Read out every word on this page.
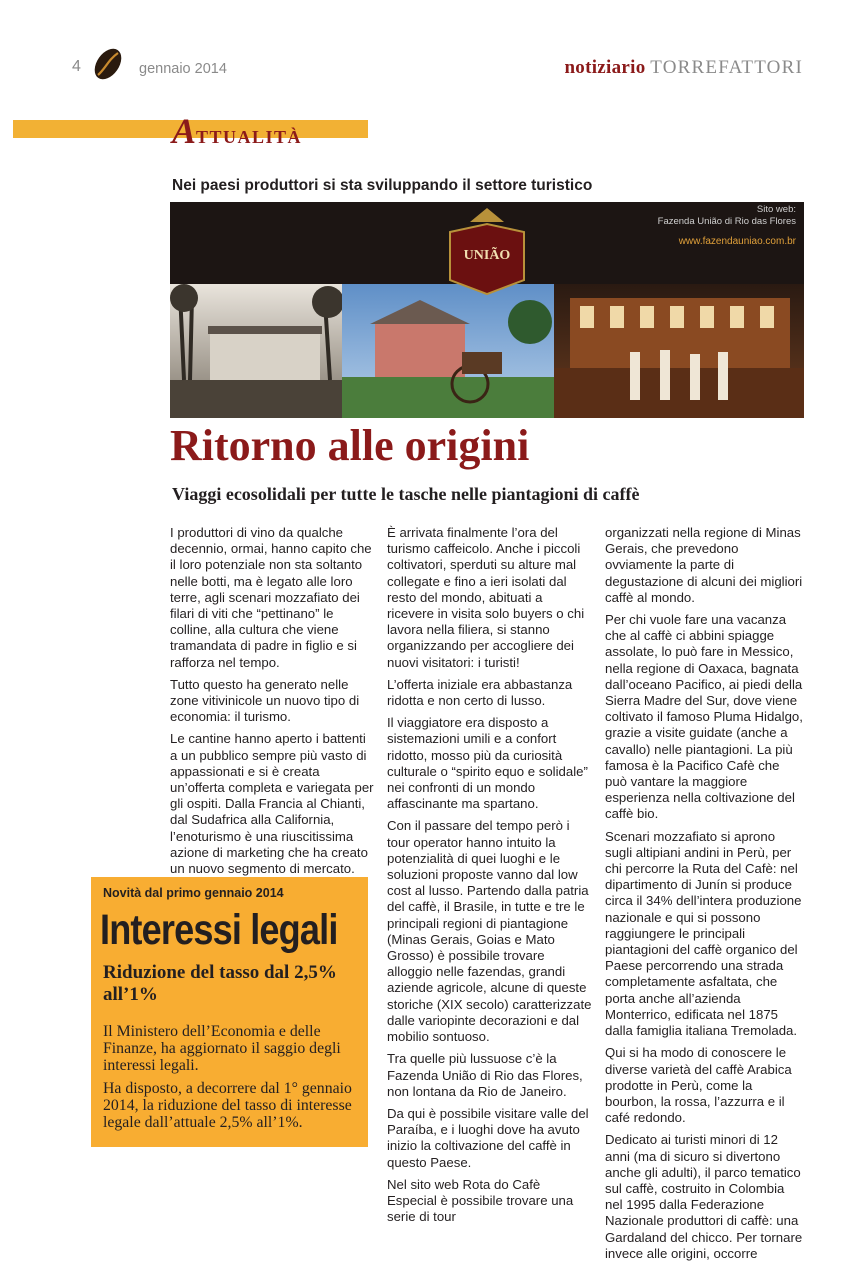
4	gennaio 2014	notiziario TORREFATTORI
ATTUALITÀ
Nei paesi produttori si sta sviluppando il settore turistico
UNIÃO
Sito web:
Fazenda União di Rio das Flores
www.fazendauniao.com.br
Ritorno alle origini
Viaggi ecosolidali per tutte le tasche nelle piantagioni di caffè

I produttori di vino da qualche decennio, ormai, hanno capito che il loro potenziale non sta soltanto nelle botti, ma è legato alle loro terre, agli scenari mozzafiato dei filari di viti che “pettinano” le colline, alla cultura che viene tramandata di padre in figlio e si rafforza nel tempo.

Tutto questo ha generato nelle zone vitivinicole un nuovo tipo di economia: il turismo.

Le cantine hanno aperto i battenti a un pubblico sempre più vasto di appassionati e si è creata un’offerta completa e variegata per gli ospiti. Dalla Francia al Chianti, dal Sudafrica alla California, l’enoturismo è una riuscitissima azione di marketing che ha creato un nuovo segmento di mercato.

È arrivata finalmente l’ora del turismo caffeicolo. Anche i piccoli coltivatori, sperduti su alture mal collegate e fino a ieri isolati dal resto del mondo, abituati a ricevere in visita solo buyers o chi lavora nella filiera, si stanno organizzando per accogliere dei nuovi visitatori: i turisti!

L’offerta iniziale era abbastanza ridotta e non certo di lusso.

Il viaggiatore era disposto a sistemazioni umili e a confort ridotto, mosso più da curiosità culturale o “spirito equo e solidale” nei confronti di un mondo affascinante ma spartano.

Con il passare del tempo però i tour operator hanno intuito la potenzialità di quei luoghi e le soluzioni proposte vanno dal low cost al lusso. Partendo dalla patria del caffè, il Brasile, in tutte e tre le principali regioni di piantagione (Minas Gerais, Goias e Mato Grosso) è possibile trovare alloggio nelle fazendas, grandi aziende agricole, alcune di queste storiche (XIX secolo) caratterizzate dalle variopinte decorazioni e dal mobilio sontuoso.

Tra quelle più lussuose c’è la Fazenda União di Rio das Flores, non lontana da Rio de Janeiro.

Da qui è possibile visitare valle del Paraíba, e i luoghi dove ha avuto inizio la coltivazione del caffè in questo Paese.

Nel sito web Rota do Cafè Especial è possibile trovare una serie di tour

organizzati nella regione di Minas Gerais, che prevedono ovviamente la parte di degustazione di alcuni dei migliori caffè al mondo.

Per chi vuole fare una vacanza che al caffè ci abbini spiagge assolate, lo può fare in Messico, nella regione di Oaxaca, bagnata dall’oceano Pacifico, ai piedi della Sierra Madre del Sur, dove viene coltivato il famoso Pluma Hidalgo, grazie a visite guidate (anche a cavallo) nelle piantagioni. La più famosa è la Pacifico Cafè che può vantare la maggiore esperienza nella coltivazione del caffè bio.

Scenari mozzafiato si aprono sugli altipiani andini in Perù, per chi percorre la Ruta del Cafè: nel dipartimento di Junín si produce circa il 34% dell’intera produzione nazionale e qui si possono raggiungere le principali piantagioni del caffè organico del Paese percorrendo una strada completamente asfaltata, che porta anche all’azienda Monterrico, edificata nel 1875 dalla famiglia italiana Tremolada.

Qui si ha modo di conoscere le diverse varietà del caffè Arabica prodotte in Perù, come la bourbon, la rossa, l’azzurra e il café redondo.

Dedicato ai turisti minori di 12 anni (ma di sicuro si divertono anche gli adulti), il parco tematico sul caffè, costruito in Colombia nel 1995 dalla Federazione Nazionale produttori di caffè: una Gardaland del chicco. Per tornare invece alle origini, occorre

Novità dal primo gennaio 2014
Interessi legali
Riduzione del tasso dal 2,5% all’1%

Il Ministero dell’Economia e delle Finanze, ha aggiornato il saggio degli interessi legali.

Ha disposto, a decorrere dal 1° gennaio 2014, la riduzione del tasso di interesse legale dall’attuale 2,5% all’1%.
